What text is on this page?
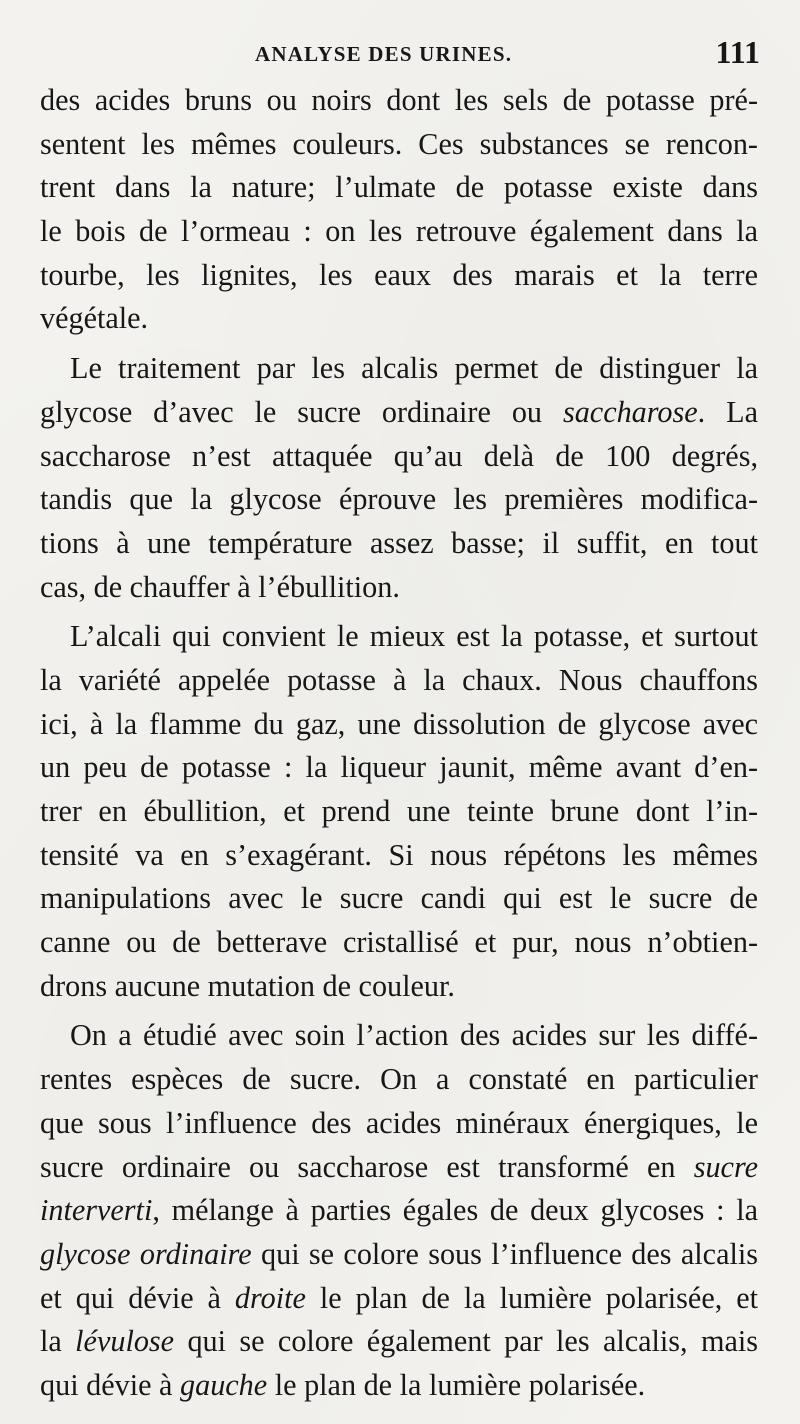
ANALYSE DES URINES.	111
des acides bruns ou noirs dont les sels de potasse pré-
sentent les mêmes couleurs. Ces substances se rencon-
trent dans la nature; l’ulmate de potasse existe dans
le bois de l’ormeau : on les retrouve également dans la
tourbe, les lignites, les eaux des marais et la terre
végétale.
Le traitement par les alcalis permet de distinguer la
glycose d’avec le sucre ordinaire ou saccharose. La
saccharose n’est attaquée qu’au delà de 100 degrés,
tandis que la glycose éprouve les premières modifica-
tions à une température assez basse; il suffit, en tout
cas, de chauffer à l’ébullition.
L’alcali qui convient le mieux est la potasse, et surtout
la variété appelée potasse à la chaux. Nous chauffons
ici, à la flamme du gaz, une dissolution de glycose avec
un peu de potasse : la liqueur jaunit, même avant d’en-
trer en ébullition, et prend une teinte brune dont l’in-
tensité va en s’exagérant. Si nous répétons les mêmes
manipulations avec le sucre candi qui est le sucre de
canne ou de betterave cristallisé et pur, nous n’obtien-
drons aucune mutation de couleur.
On a étudié avec soin l’action des acides sur les diffé-
rentes espèces de sucre. On a constaté en particulier
que sous l’influence des acides minéraux énergiques, le
sucre ordinaire ou saccharose est transformé en sucre
interverti, mélange à parties égales de deux glycoses : la
glycose ordinaire qui se colore sous l’influence des alcalis
et qui dévie à droite le plan de la lumière polarisée, et
la lévulose qui se colore également par les alcalis, mais
qui dévie à gauche le plan de la lumière polarisée.
